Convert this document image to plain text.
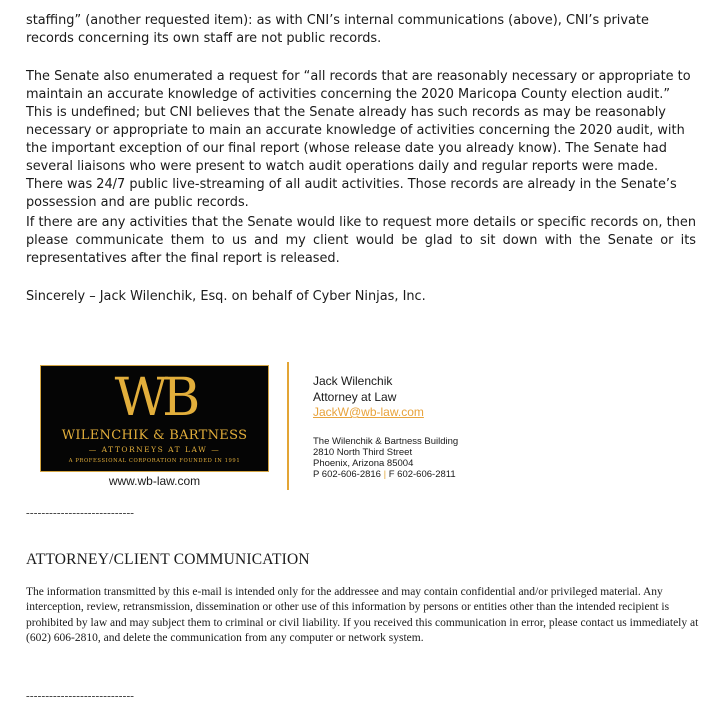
staffing” (another requested item): as with CNI’s internal communications (above), CNI’s private records concerning its own staff are not public records.

The Senate also enumerated a request for “all records that are reasonably necessary or appropriate to maintain an accurate knowledge of activities concerning the 2020 Maricopa County election audit.” This is undefined; but CNI believes that the Senate already has such records as may be reasonably necessary or appropriate to main an accurate knowledge of activities concerning the 2020 audit, with the important exception of our final report (whose release date you already know). The Senate had several liaisons who were present to watch audit operations daily and regular reports were made. There was 24/7 public live-streaming of all audit activities. Those records are already in the Senate’s possession and are public records.

If there are any activities that the Senate would like to request more details or specific records on, then please communicate them to us and my client would be glad to sit down with the Senate or its representatives after the final report is released.

Sincerely – Jack Wilenchik, Esq. on behalf of Cyber Ninjas, Inc.

WB
WILENCHIK & BARTNESS
— ATTORNEYS AT LAW —
A PROFESSIONAL CORPORATION FOUNDED IN 1991
www.wb-law.com
Jack Wilenchik
Attorney at Law
JackW@wb-law.com
The Wilenchik & Bartness Building
2810 North Third Street
Phoenix, Arizona 85004
P 602-606-2816 | F 602-606-2811
----------------------------
ATTORNEY/CLIENT COMMUNICATION

The information transmitted by this e-mail is intended only for the addressee and may contain confidential and/or privileged material. Any interception, review, retransmission, dissemination or other use of this information by persons or entities other than the intended recipient is prohibited by law and may subject them to criminal or civil liability. If you received this communication in error, please contact us immediately at (602) 606-2810, and delete the communication from any computer or network system.

----------------------------
